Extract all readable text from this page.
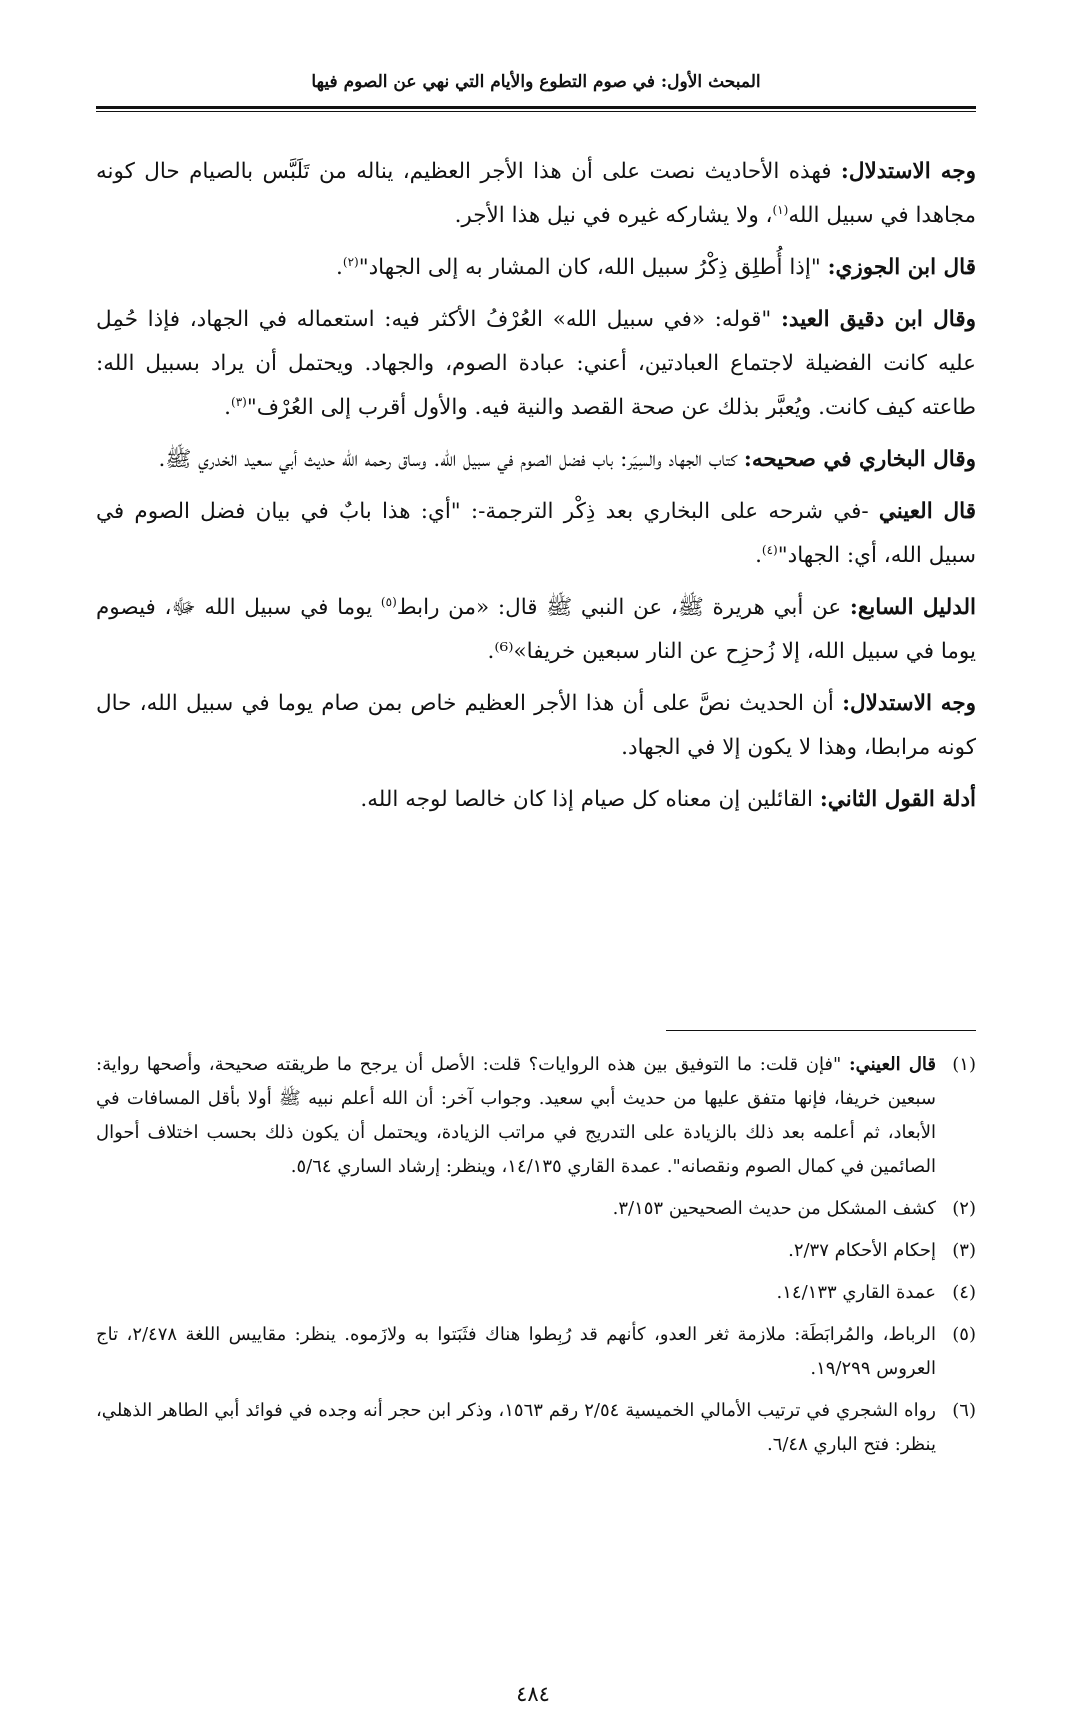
المبحث الأول: في صوم التطوع والأيام التي نهي عن الصوم فيها

وجه الاستدلال: فهذه الأحاديث نصت على أن هذا الأجر العظيم، يناله من تَلَبَّس بالصيام حال كونه مجاهدا في سبيل الله$^{(١)}$، ولا يشاركه غيره في نيل هذا الأجر.

قال ابن الجوزي: "إذا أُطلِق ذِكْرُ سبيل الله، كان المشار به إلى الجهاد"$^{(٢)}$.

وقال ابن دقيق العيد: "قوله: «في سبيل الله» العُرْفُ الأكثر فيه: استعماله في الجهاد، فإذا حُمِل عليه كانت الفضيلة لاجتماع العبادتين، أعني: عبادة الصوم، والجهاد. ويحتمل أن يراد بسبيل الله: طاعته كيف كانت. ويُعبَّر بذلك عن صحة القصد والنية فيه. والأول أقرب إلى العُرْف"$^{(٣)}$.

وقال البخاري في صحيحه: كتاب الجهاد والسِيَر: باب فضل الصوم في سبيل الله. وساق رحمه الله حديث أبي سعيد الخدري ﷺ.

قال العيني -في شرحه على البخاري بعد ذِكْر الترجمة-: "أي: هذا بابٌ في بيان فضل الصوم في سبيل الله، أي: الجهاد"$^{(٤)}$.

الدليل السابع: عن أبي هريرة ﷺ، عن النبي ﷺ قال: «من رابط$^{(٥)}$ يوما في سبيل الله ﷻ، فيصوم يوما في سبيل الله، إلا زُحزِح عن النار سبعين خريفا»⁽⁶⁾.

وجه الاستدلال: أن الحديث نصَّ على أن هذا الأجر العظيم خاص بمن صام يوما في سبيل الله، حال كونه مرابطا، وهذا لا يكون إلا في الجهاد.

أدلة القول الثاني: القائلين إن معناه كل صيام إذا كان خالصا لوجه الله.

(١)
قال العيني: "فإن قلت: ما التوفيق بين هذه الروايات؟ قلت: الأصل أن يرجح ما طريقته صحيحة، وأصحها رواية: سبعين خريفا، فإنها متفق عليها من حديث أبي سعيد. وجواب آخر: أن الله أعلم نبيه ﷺ أولا بأقل المسافات في الأبعاد، ثم أعلمه بعد ذلك بالزيادة على التدريج في مراتب الزيادة، ويحتمل أن يكون ذلك بحسب اختلاف أحوال الصائمين في كمال الصوم ونقصانه". عمدة القاري ١٤/١٣٥، وينظر: إرشاد الساري ٥/٦٤.

(٢)
كشف المشكل من حديث الصحيحين ٣/١٥٣.

(٣)
إحكام الأحكام ٢/٣٧.

(٤)
عمدة القاري ١٤/١٣٣.

(٥)
الرباط، والمُرابَطَة: ملازمة ثغر العدو، كأنهم قد رُبِطوا هناك فثَبَتوا به ولازَموه. ينظر: مقاييس اللغة ٢/٤٧٨، تاج العروس ١٩/٢٩٩.

(٦)
رواه الشجري في ترتيب الأمالي الخميسية ٢/٥٤ رقم ١٥٦٣، وذكر ابن حجر أنه وجده في فوائد أبي الطاهر الذهلي، ينظر: فتح الباري ٦/٤٨.

٤٨٤
